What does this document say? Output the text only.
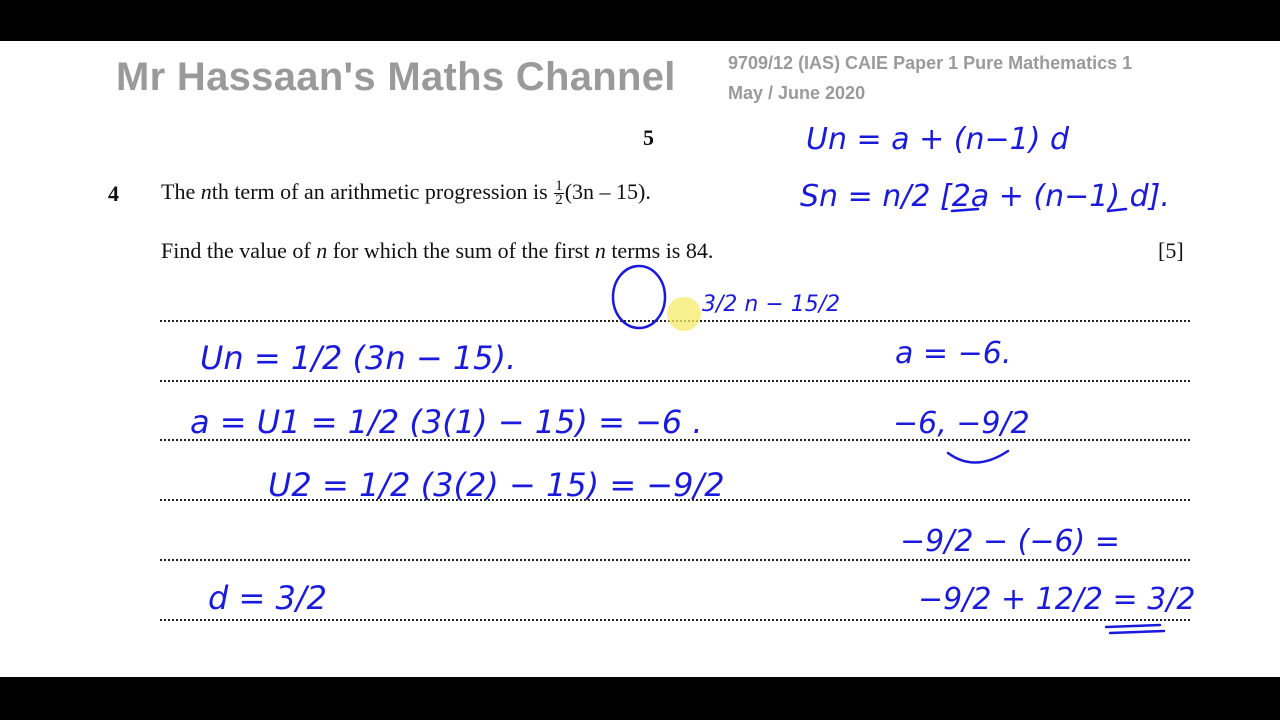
Mr Hassaan's Maths Channel	9709/12 (IAS) CAIE Paper 1 Pure Mathematics 1
May / June 2020
5
4 The nth term of an arithmetic progression is $\frac{1}{2} (3n - 15)$.
Find the value of n for which the sum of the first n terms is 84.	[5]
Un = a + (n−1) d
Sn = n/2 [2a + (n−1) d].
3/2 n − 15/2
Un = 1/2 (3n − 15).
a = U1 = 1/2 (3(1) − 15) = −6 .
U2 = 1/2 (3(2) − 15) = −9/2
d = 3/2
a = −6.
−6, −9/2
−9/2 − (−6) =
−9/2 + 12/2 = 3/2
